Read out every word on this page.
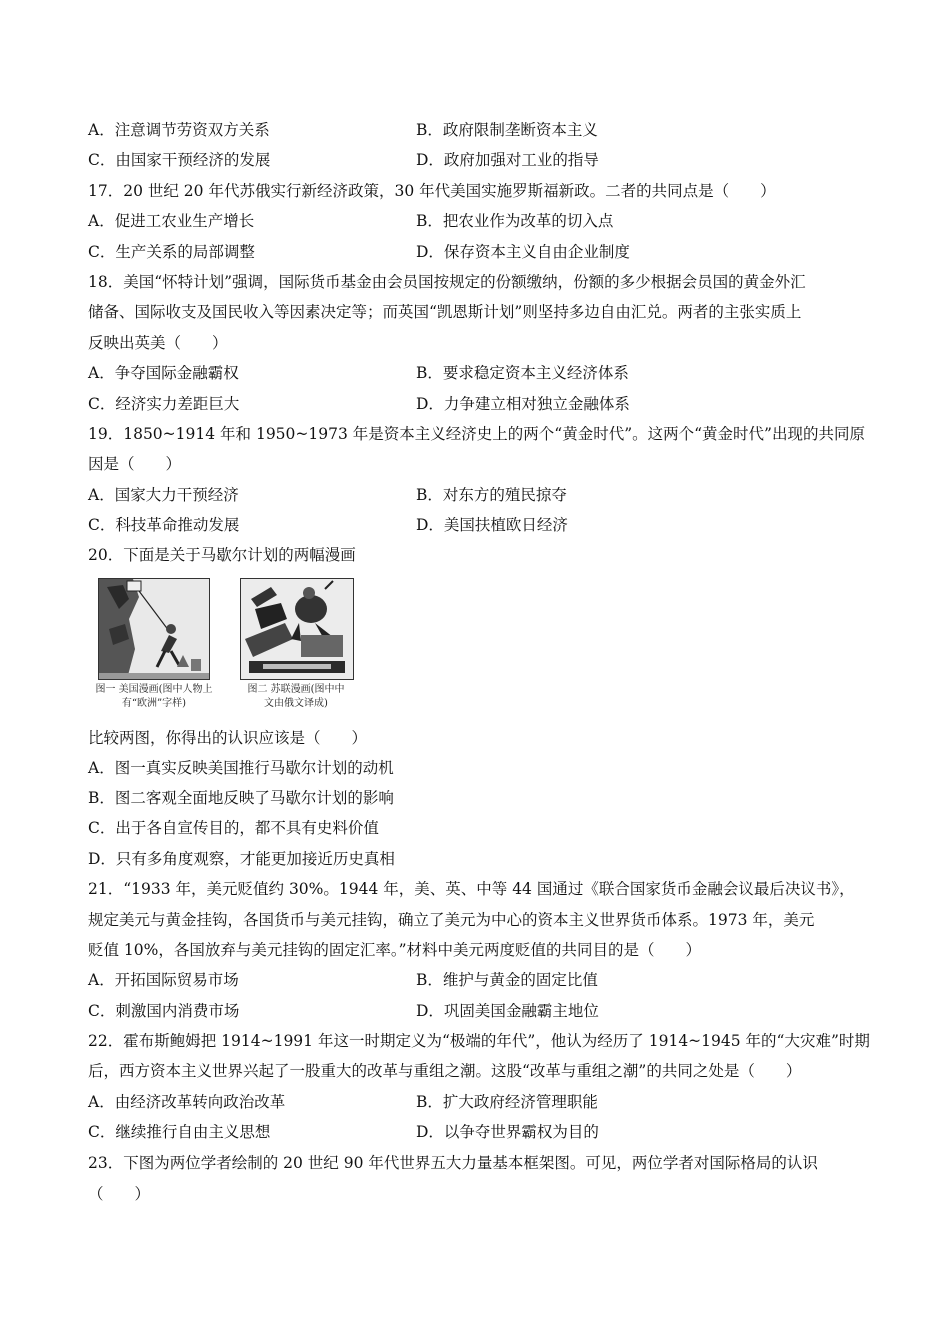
A．注意调节劳资双方关系	B．政府限制垄断资本主义
C．由国家干预经济的发展	D．政府加强对工业的指导
17．20 世纪 20 年代苏俄实行新经济政策，30 年代美国实施罗斯福新政。二者的共同点是（　　）
A．促进工农业生产增长	B．把农业作为改革的切入点
C．生产关系的局部调整	D．保存资本主义自由企业制度
18．美国“怀特计划”强调，国际货币基金由会员国按规定的份额缴纳，份额的多少根据会员国的黄金外汇
储备、国际收支及国民收入等因素决定等；而英国“凯恩斯计划”则坚持多边自由汇兑。两者的主张实质上
反映出英美（　　）
A．争夺国际金融霸权	B．要求稳定资本主义经济体系
C．经济实力差距巨大	D．力争建立相对独立金融体系
19．1850~1914 年和 1950~1973 年是资本主义经济史上的两个“黄金时代”。这两个“黄金时代”出现的共同原
因是（　　）
A．国家大力干预经济	B．对东方的殖民掠夺
C．科技革命推动发展	D．美国扶植欧日经济
20．下面是关于马歇尔计划的两幅漫画
图一 美国漫画(图中人物上
有“欧洲”字样)
图二 苏联漫画(图中中
文由俄文译成)
比较两图，你得出的认识应该是（　　）
A．图一真实反映美国推行马歇尔计划的动机
B．图二客观全面地反映了马歇尔计划的影响
C．出于各自宣传目的，都不具有史料价值
D．只有多角度观察，才能更加接近历史真相
21．“1933 年，美元贬值约 30%。1944 年，美、英、中等 44 国通过《联合国家货币金融会议最后决议书》，
规定美元与黄金挂钩，各国货币与美元挂钩，确立了美元为中心的资本主义世界货币体系。1973 年，美元
贬值 10%，各国放弃与美元挂钩的固定汇率。”材料中美元两度贬值的共同目的是（　　）
A．开拓国际贸易市场	B．维护与黄金的固定比值
C．刺激国内消费市场	D．巩固美国金融霸主地位
22．霍布斯鲍姆把 1914~1991 年这一时期定义为“极端的年代”，他认为经历了 1914~1945 年的“大灾难”时期
后，西方资本主义世界兴起了一股重大的改革与重组之潮。这股“改革与重组之潮”的共同之处是（　　）
A．由经济改革转向政治改革	B．扩大政府经济管理职能
C．继续推行自由主义思想	D．以争夺世界霸权为目的
23．下图为两位学者绘制的 20 世纪 90 年代世界五大力量基本框架图。可见，两位学者对国际格局的认识
（　　）
